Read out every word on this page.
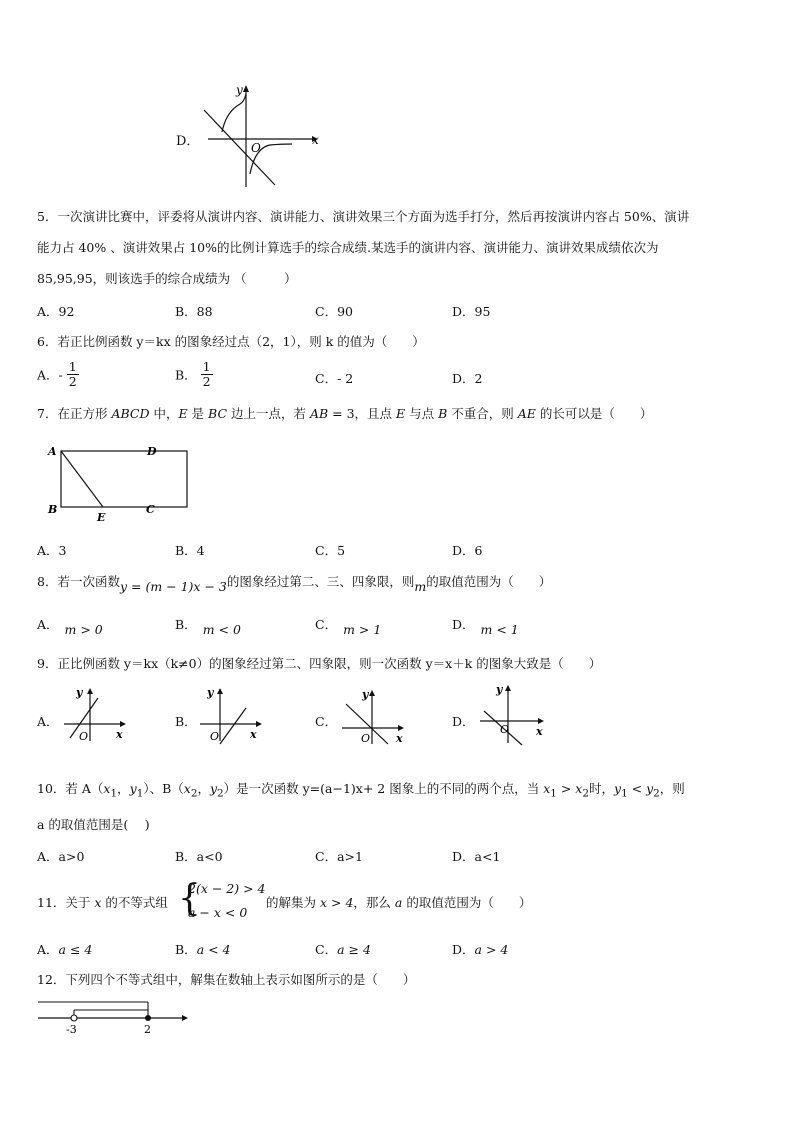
D．
y
x
O
5．一次演讲比赛中，评委将从演讲内容、演讲能力、演讲效果三个方面为选手打分，然后再按演讲内容占 50%、演讲
能力占 40% 、演讲效果占 10%的比例计算选手的综合成绩.某选手的演讲内容、演讲能力、演讲效果成绩依次为
85,95,95，则该选手的综合成绩为 （　　　）
A．92	B．88	C．90	D．95
6．若正比例函数 y＝kx 的图象经过点（2，1），则 k 的值为（　　）
A．- $\frac{1}{2}$	B． $\frac{1}{2}$	C．- 2	D．2
7．在正方形 ABCD 中，E 是 BC 边上一点，若 AB = 3，且点 E 与点 B 不重合，则 AE 的长可以是（　　）
A	D
B
E
C
A．3	B．4	C．5	D．6
8．若一次函数y = (m − 1)x − 3的图象经过第二、三、四象限，则m的取值范围为（　　）
A． m > 0	B． m < 0	C． m > 1	D． m < 1
9．正比例函数 y＝kx（k≠0）的图象经过第二、四象限，则一次函数 y＝x＋k 的图象大致是（　　）
A．
y
x
O
B．
y
x
O
C．
y
x
O
D．
y
x
O
10．若 $A(x_1$，$y_1$）、$B(x_2$，$y_2$）是一次函数 y=(a−1)x+ 2 图象上的不同的两个点，当 $x_1 > x_2$时，$y_1 < y_2$，则
a 的取值范围是(　 )
A．a>0	B．a<0	C．a>1	D．a<1
11．关于 x 的不等式组 {
2(x − 2) > 4
a − x < 0
的解集为 x > 4，那么 a 的取值范围为（　　）
A．a ≤ 4	B．a < 4	C．a ≥ 4	D．a > 4
12．下列四个不等式组中，解集在数轴上表示如图所示的是（　　）
-3	2
